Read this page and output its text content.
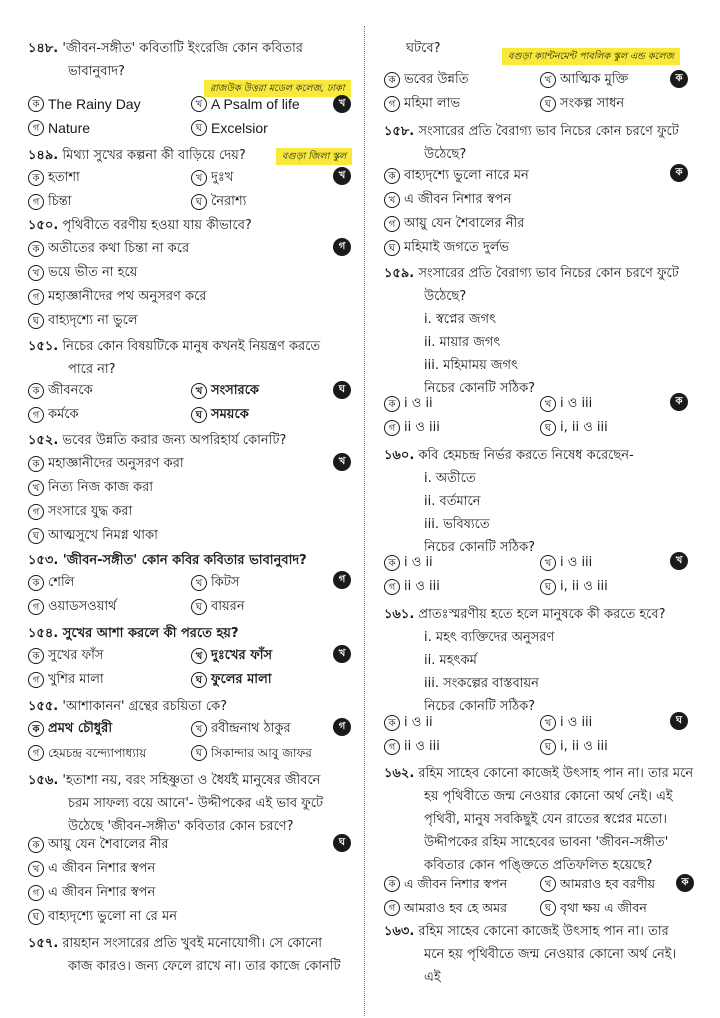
১৪৮. 'জীবন-সঙ্গীত' কবিতাটি ইংরেজি কোন কবিতার
ভাবানুবাদ?
রাজউক উত্তরা মডেল কলেজ, ঢাকা
ক The Rainy Day	খ A Psalm of life
গ Nature	ঘ Excelsior
খ
১৪৯. মিথ্যা সুখের কল্পনা কী বাড়িয়ে দেয়?	বগুড়া জিলা স্কুল
ক হতাশা	খ দুঃখ
গ চিন্তা	ঘ নৈরাশ্য
খ
১৫০. পৃথিবীতে বরণীয় হওয়া যায় কীভাবে?
ক অতীতের কথা চিন্তা না করে
খ ভয়ে ভীত না হয়ে
গ মহাজ্ঞানীদের পথ অনুসরণ করে
ঘ বাহ্যদৃশ্যে না ভুলে
গ
১৫১. নিচের কোন বিষয়টিকে মানুষ কখনই নিয়ন্ত্রণ করতে
পারে না?
ক জীবনকে	খ সংসারকে
গ কর্মকে	ঘ সময়কে
ঘ
১৫২. ভবের উন্নতি করার জন্য অপরিহার্য কোনটি?
ক মহাজ্ঞানীদের অনুসরণ করা
খ নিত্য নিজ কাজ করা
গ সংসারে যুদ্ধ করা
ঘ আত্মসুখে নিমগ্ন থাকা
খ
১৫৩. 'জীবন-সঙ্গীত' কোন কবির কবিতার ভাবানুবাদ?
ক শেলি	খ কিটস
গ ওয়াডসওয়ার্থ	ঘ বায়রন
গ
১৫৪. সুখের আশা করলে কী পরতে হয়?
ক সুখের ফাঁস	খ দুঃখের ফাঁস
গ খুশির মালা	ঘ ফুলের মালা
খ
১৫৫. 'আশাকানন' গ্রন্থের রচয়িতা কে?
ক প্রমথ চৌধুরী	খ রবীন্দ্রনাথ ঠাকুর
গ হেমচন্দ্র বন্দ্যোপাধ্যায়	ঘ সিকান্দার আবু জাফর
গ
১৫৬. 'হতাশা নয়, বরং সহিষ্ণুতা ও ধৈর্যই মানুষের জীবনে
চরম সাফল্য বয়ে আনে'- উদ্দীপকের এই ভাব ফুটে
উঠেছে 'জীবন-সঙ্গীত' কবিতার কোন চরণে?
ক আয়ু যেন শৈবালের নীর
খ এ জীবন নিশার স্বপন
গ এ জীবন নিশার স্বপন
ঘ বাহ্যদৃশ্যে ভুলো না রে মন
ঘ
১৫৭. রায়হান সংসারের প্রতি খুবই মনোযোগী। সে কোনো
কাজ কারও। জন্য ফেলে রাখে না। তার কাজে কোনটি
ঘটবে?
বগুড়া ক্যান্টনমেন্ট পাবলিক স্কুল এন্ড কলেজ
ক ভবের উন্নতি	খ আত্মিক মুক্তি
গ মহিমা লাভ	ঘ সংকল্প সাধন
ক
১৫৮. সংসারের প্রতি বৈরাগ্য ভাব নিচের কোন চরণে ফুটে
উঠেছে?
ক বাহ্যদৃশ্যে ভুলো নারে মন
খ এ জীবন নিশার স্বপন
গ আয়ু যেন শৈবালের নীর
ঘ মহিমাই জগতে দুর্লভ
ক
১৫৯. সংসারের প্রতি বৈরাগ্য ভাব নিচের কোন চরণে ফুটে
উঠেছে?
i. স্বপ্নের জগৎ
ii. মায়ার জগৎ
iii. মহিমাময় জগৎ
নিচের কোনটি সঠিক?
ক i ও ii	খ i ও iii
গ ii ও iii	ঘ i, ii ও iii
ক
১৬০. কবি হেমচন্দ্র নির্ভর করতে নিষেধ করেছেন-
i. অতীতে
ii. বর্তমানে
iii. ভবিষ্যতে
নিচের কোনটি সঠিক?
ক i ও ii	খ i ও iii
গ ii ও iii	ঘ i, ii ও iii
খ
১৬১. প্রাতঃস্মরণীয় হতে হলে মানুষকে কী করতে হবে?
i. মহৎ ব্যক্তিদের অনুসরণ
ii. মহৎকর্ম
iii. সংকল্পের বাস্তবায়ন
নিচের কোনটি সঠিক?
ক i ও ii	খ i ও iii
গ ii ও iii	ঘ i, ii ও iii
ঘ
১৬২. রহিম সাহেব কোনো কাজেই উৎসাহ পান না। তার মনে
হয় পৃথিবীতে জন্ম নেওয়ার কোনো অর্থ নেই। এই
পৃথিবী, মানুষ সবকিছুই যেন রাতের স্বপ্নের মতো।
উদ্দীপকের রহিম সাহেবের ভাবনা 'জীবন-সঙ্গীত'
কবিতার কোন পঙ্ক্তিতে প্রতিফলিত হয়েছে?
ক এ জীবন নিশার স্বপন	খ আমরাও হব বরণীয়
গ আমরাও হব হে অমর	ঘ বৃথা ক্ষয় এ জীবন
ক
১৬৩. রহিম সাহেব কোনো কাজেই উৎসাহ পান না। তার
মনে হয় পৃথিবীতে জন্ম নেওয়ার কোনো অর্থ নেই। এই
